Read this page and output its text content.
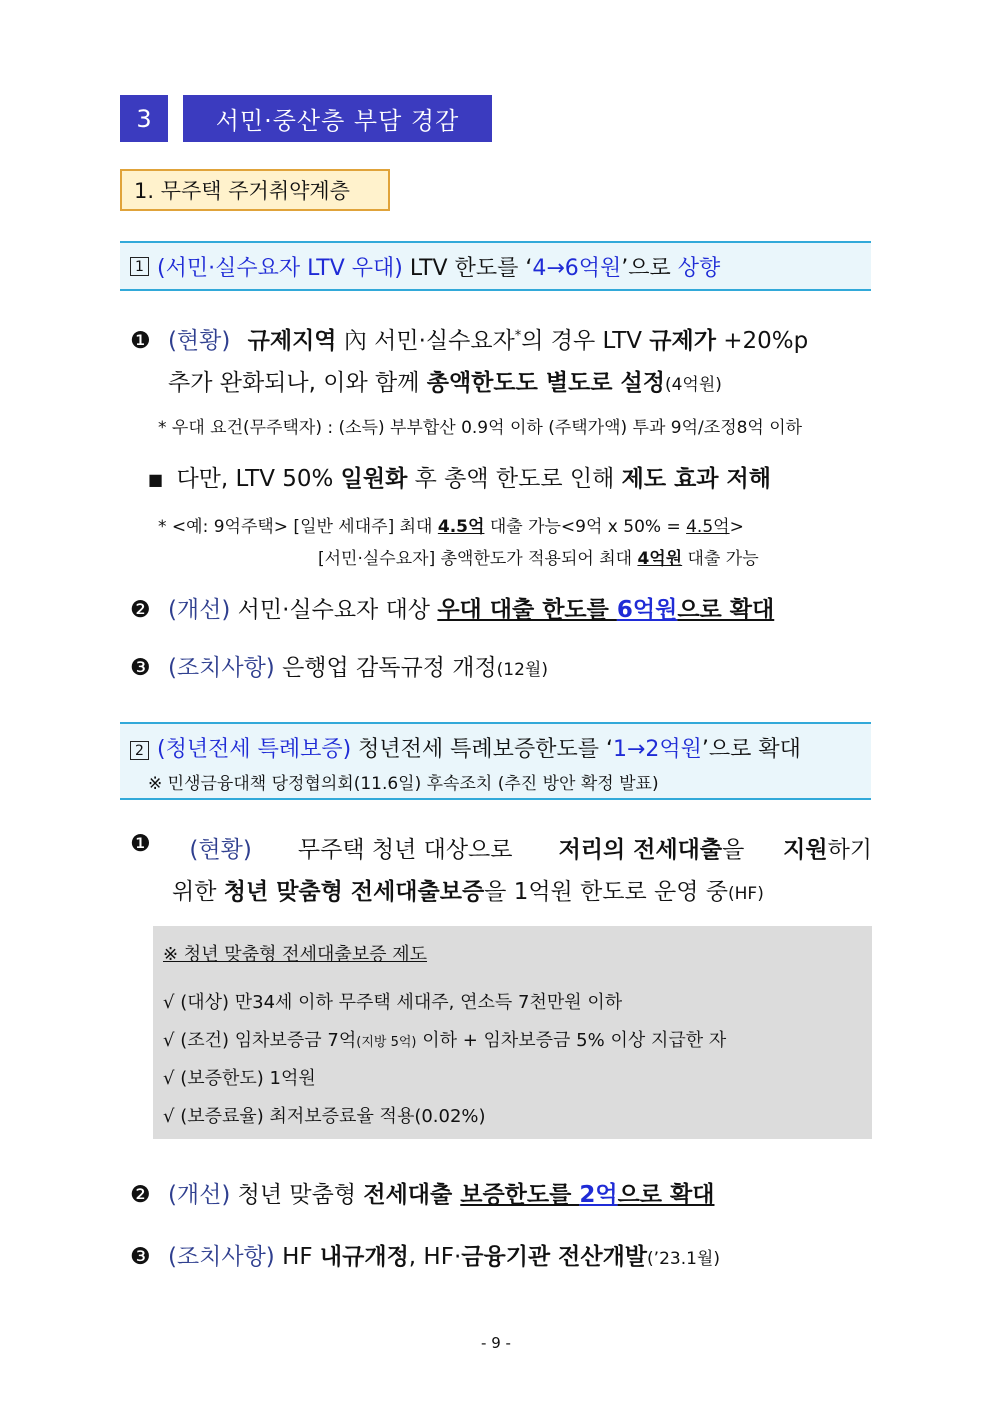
3	서민·중산층 부담 경감
1. 무주택 주거취약계층
1 (서민·실수요자 LTV 우대) LTV 한도를 ‘ 4→6억원 ’으로 상향
❶ (현황) 규제지역 內 서민·실수요자*의 경우 LTV 규제가 +20%p
추가 완화되나, 이와 함께 총액한도도 별도로 설정(4억원)
* 우대 요건(무주택자) : (소득) 부부합산 0.9억 이하 (주택가액) 투과 9억/조정8억 이하
■ 다만, LTV 50% 일원화 후 총액 한도로 인해 제도 효과 저해
* <예: 9억주택> [일반 세대주] 최대 4.5억 대출 가능<9억 x 50% = 4.5억>
[서민·실수요자] 총액한도가 적용되어 최대 4억원 대출 가능
❷ (개선) 서민·실수요자 대상 우대 대출 한도를 6억원으로 확대
❸ (조치사항) 은행업 감독규정 개정(12월)
2 (청년전세 특례보증) 청년전세 특례보증한도를 ‘1→2억원’으로 확대
※ 민생금융대책 당정협의회(11.6일) 후속조치 (추진 방안 확정 발표)
❶ (현황) 무주택 청년 대상으로 저리의 전세대출을 지원하기
위한 청년 맞춤형 전세대출보증을 1억원 한도로 운영 중(HF)
※ 청년 맞춤형 전세대출보증 제도
√ (대상) 만34세 이하 무주택 세대주, 연소득 7천만원 이하
√ (조건) 임차보증금 7억(지방 5억) 이하 + 임차보증금 5% 이상 지급한 자
√ (보증한도) 1억원
√ (보증료율) 최저보증료율 적용(0.02%)
❷ (개선) 청년 맞춤형 전세대출 보증한도를 2억으로 확대
❸ (조치사항) HF 내규개정, HF·금융기관 전산개발(’23.1월)
- 9 -
